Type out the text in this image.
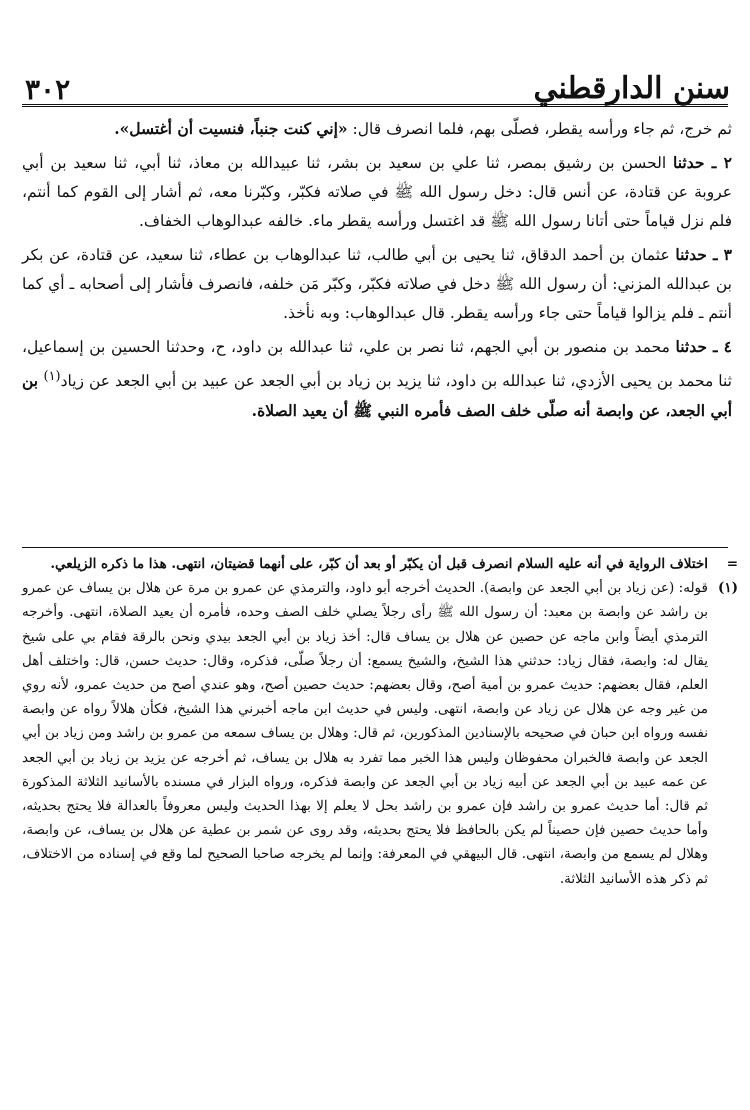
٣٠٢	سنن الدارقطني

ثم خرج، ثم جاء ورأسه يقطر، فصلّى بهم، فلما انصرف قال: «إني كنت جنباً، فنسيت أن أغتسل».

٢ ـ حدثنا الحسن بن رشيق بمصر، ثنا علي بن سعيد بن بشر، ثنا عبيدالله بن معاذ، ثنا أبي، ثنا سعيد بن أبي عروبة عن قتادة، عن أنس قال: دخل رسول الله ﷺ في صلاته فكبّر، وكبّرنا معه، ثم أشار إلى القوم كما أنتم، فلم نزل قياماً حتى أتانا رسول الله ﷺ قد اغتسل ورأسه يقطر ماء. خالفه عبدالوهاب الخفاف.

٣ ـ حدثنا عثمان بن أحمد الدقاق، ثنا يحيى بن أبي طالب، ثنا عبدالوهاب بن عطاء، ثنا سعيد، عن قتادة، عن بكر بن عبدالله المزني: أن رسول الله ﷺ دخل في صلاته فكبّر، وكبّر مَن خلفه، فانصرف فأشار إلى أصحابه ـ أي كما أنتم ـ فلم يزالوا قياماً حتى جاء ورأسه يقطر. قال عبدالوهاب: وبه نأخذ.

٤ ـ حدثنا محمد بن منصور بن أبي الجهم، ثنا نصر بن علي، ثنا عبدالله بن داود، ح، وحدثنا الحسين بن إسماعيل، ثنا محمد بن يحيى الأزدي، ثنا عبدالله بن داود، ثنا يزيد بن زياد بن أبي الجعد عن عبيد بن أبي الجعد عن زياد$^{(١)}$ بن أبي الجعد، عن وابصة أنه صلّى خلف الصف فأمره النبي ﷺ أن يعيد الصلاة.

=
اختلاف الرواية في أنه عليه السلام انصرف قبل أن يكبّر أو بعد أن كبّر، على أنهما قضيتان، انتهى. هذا ما ذكره الزيلعي.
(١)
قوله: (عن زياد بن أبي الجعد عن وابصة). الحديث أخرجه أبو داود، والترمذي عن عمرو بن مرة عن هلال بن يساف عن عمرو بن راشد عن وابصة بن معبد: أن رسول الله ﷺ رأى رجلاً يصلي خلف الصف وحده، فأمره أن يعيد الصلاة، انتهى. وأخرجه الترمذي أيضاً وابن ماجه عن حصين عن هلال بن يساف قال: أخذ زياد بن أبي الجعد بيدي ونحن بالرقة فقام بي على شيخ يقال له: وابصة، فقال زياد: حدثني هذا الشيخ، والشيخ يسمع: أن رجلاً صلّى، فذكره، وقال: حديث حسن، قال: واختلف أهل العلم، فقال بعضهم: حديث عمرو بن أمية أصح، وقال بعضهم: حديث حصين أصح، وهو عندي أصح من حديث عمرو، لأنه روي من غير وجه عن هلال عن زياد عن وابصة، انتهى. وليس في حديث ابن ماجه أخبرني هذا الشيخ، فكأن هلالاً رواه عن وابصة نفسه ورواه ابن حبان في صحيحه بالإسنادين المذكورين، ثم قال: وهلال بن يساف سمعه من عمرو بن راشد ومن زياد بن أبي الجعد عن وابصة فالخبران محفوظان وليس هذا الخبر مما تفرد به هلال بن يساف، ثم أخرجه عن يزيد بن زياد بن أبي الجعد عن عمه عبيد بن أبي الجعد عن أبيه زياد بن أبي الجعد عن وابصة فذكره، ورواه البزار في مسنده بالأسانيد الثلاثة المذكورة ثم قال: أما حديث عمرو بن راشد فإن عمرو بن راشد بحل لا يعلم إلا بهذا الحديث وليس معروفاً بالعدالة فلا يحتج بحديثه، وأما حديث حصين فإن حصيناً لم يكن بالحافظ فلا يحتج بحديثه، وقد روى عن شمر بن عطية عن هلال بن يساف، عن وابصة، وهلال لم يسمع من وابصة، انتهى. قال البيهقي في المعرفة: وإنما لم يخرجه صاحبا الصحيح لما وقع في إسناده من الاختلاف، ثم ذكر هذه الأسانيد الثلاثة.
